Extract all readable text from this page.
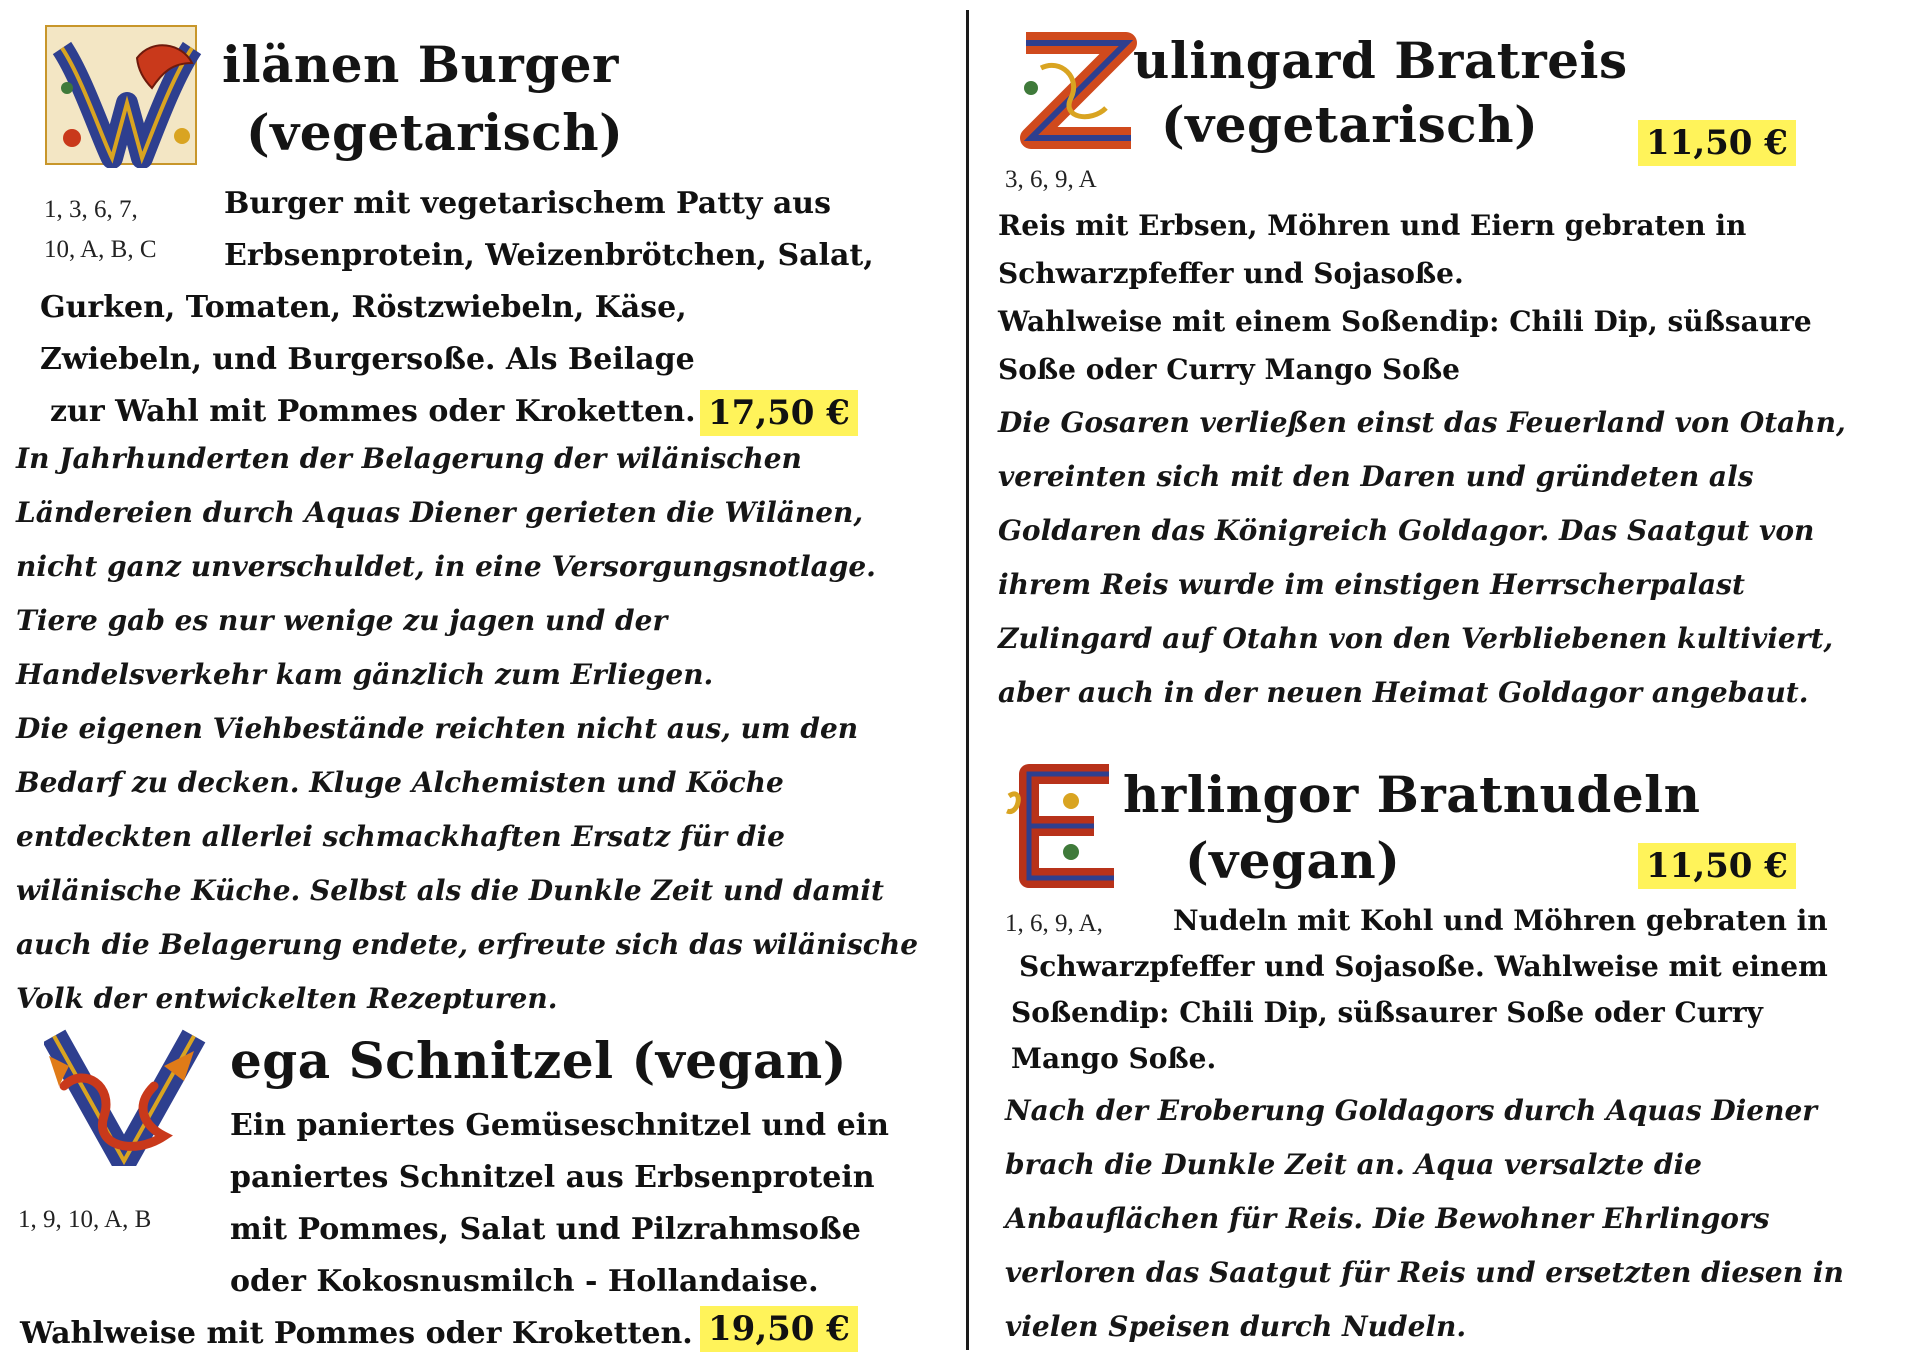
ilänen Burger
(vegetarisch)
1, 3, 6, 7,
10, A, B, C
Burger mit vegetarischem Patty aus
Erbsenprotein, Weizenbrötchen, Salat,
Gurken, Tomaten, Röstzwiebeln, Käse,
Zwiebeln, und Burgersoße. Als Beilage
zur Wahl mit Pommes oder Kroketten. 17,50 €
In Jahrhunderten der Belagerung der wilänischen
Ländereien durch Aquas Diener gerieten die Wilänen,
nicht ganz unverschuldet, in eine Versorgungsnotlage.
Tiere gab es nur wenige zu jagen und der
Handelsverkehr kam gänzlich zum Erliegen.
Die eigenen Viehbestände reichten nicht aus, um den
Bedarf zu decken. Kluge Alchemisten und Köche
entdeckten allerlei schmackhaften Ersatz für die
wilänische Küche. Selbst als die Dunkle Zeit und damit
auch die Belagerung endete, erfreute sich das wilänische
Volk der entwickelten Rezepturen.
ega Schnitzel (vegan)
1, 9, 10, A, B
Ein paniertes Gemüseschnitzel und ein
paniertes Schnitzel aus Erbsenprotein
mit Pommes, Salat und Pilzrahmsoße
oder Kokosnusmilch - Hollandaise.
Wahlweise mit Pommes oder Kroketten. 19,50 €
ulingard Bratreis
(vegetarisch)	11,50 €
3, 6, 9, A
Reis mit Erbsen, Möhren und Eiern gebraten in
Schwarzpfeffer und Sojasoße.
Wahlweise mit einem Soßendip: Chili Dip, süßsaure
Soße oder Curry Mango Soße
Die Gosaren verließen einst das Feuerland von Otahn,
vereinten sich mit den Daren und gründeten als
Goldaren das Königreich Goldagor. Das Saatgut von
ihrem Reis wurde im einstigen Herrscherpalast
Zulingard auf Otahn von den Verbliebenen kultiviert,
aber auch in der neuen Heimat Goldagor angebaut.
hrlingor Bratnudeln
(vegan)	11,50 €
1, 6, 9, A,	Nudeln mit Kohl und Möhren gebraten in
Schwarzpfeffer und Sojasoße. Wahlweise mit einem
Soßendip: Chili Dip, süßsaurer Soße oder Curry
Mango Soße.
Nach der Eroberung Goldagors durch Aquas Diener
brach die Dunkle Zeit an. Aqua versalzte die
Anbauflächen für Reis. Die Bewohner Ehrlingors
verloren das Saatgut für Reis und ersetzten diesen in
vielen Speisen durch Nudeln.
